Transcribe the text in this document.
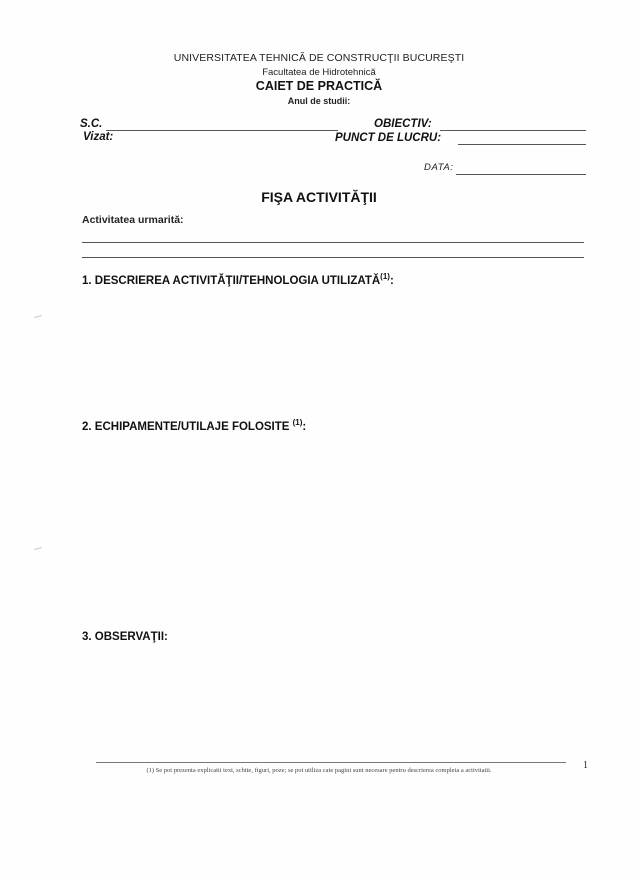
UNIVERSITATEA TEHNICĂ DE CONSTRUCŢII BUCUREŞTI
Facultatea de Hidrotehnică
CAIET DE PRACTICĂ
Anul de studii:
S.C.
Vizat:
OBIECTIV:
PUNCT DE LUCRU:
DATA:
FIŞA ACTIVITĂŢII
Activitatea urmarită:
1. DESCRIEREA ACTIVITĂŢII/TEHNOLOGIA UTILIZATĂ$^{(1)}$:
2. ECHIPAMENTE/UTILAJE FOLOSITE $^{(1)}$:
3. OBSERVAŢII:
(1) Se pot prezenta explicatii text, schite, figuri, poze; se pot utiliza cate pagini sunt necesare pentru descrierea completa a activitatii.	1
